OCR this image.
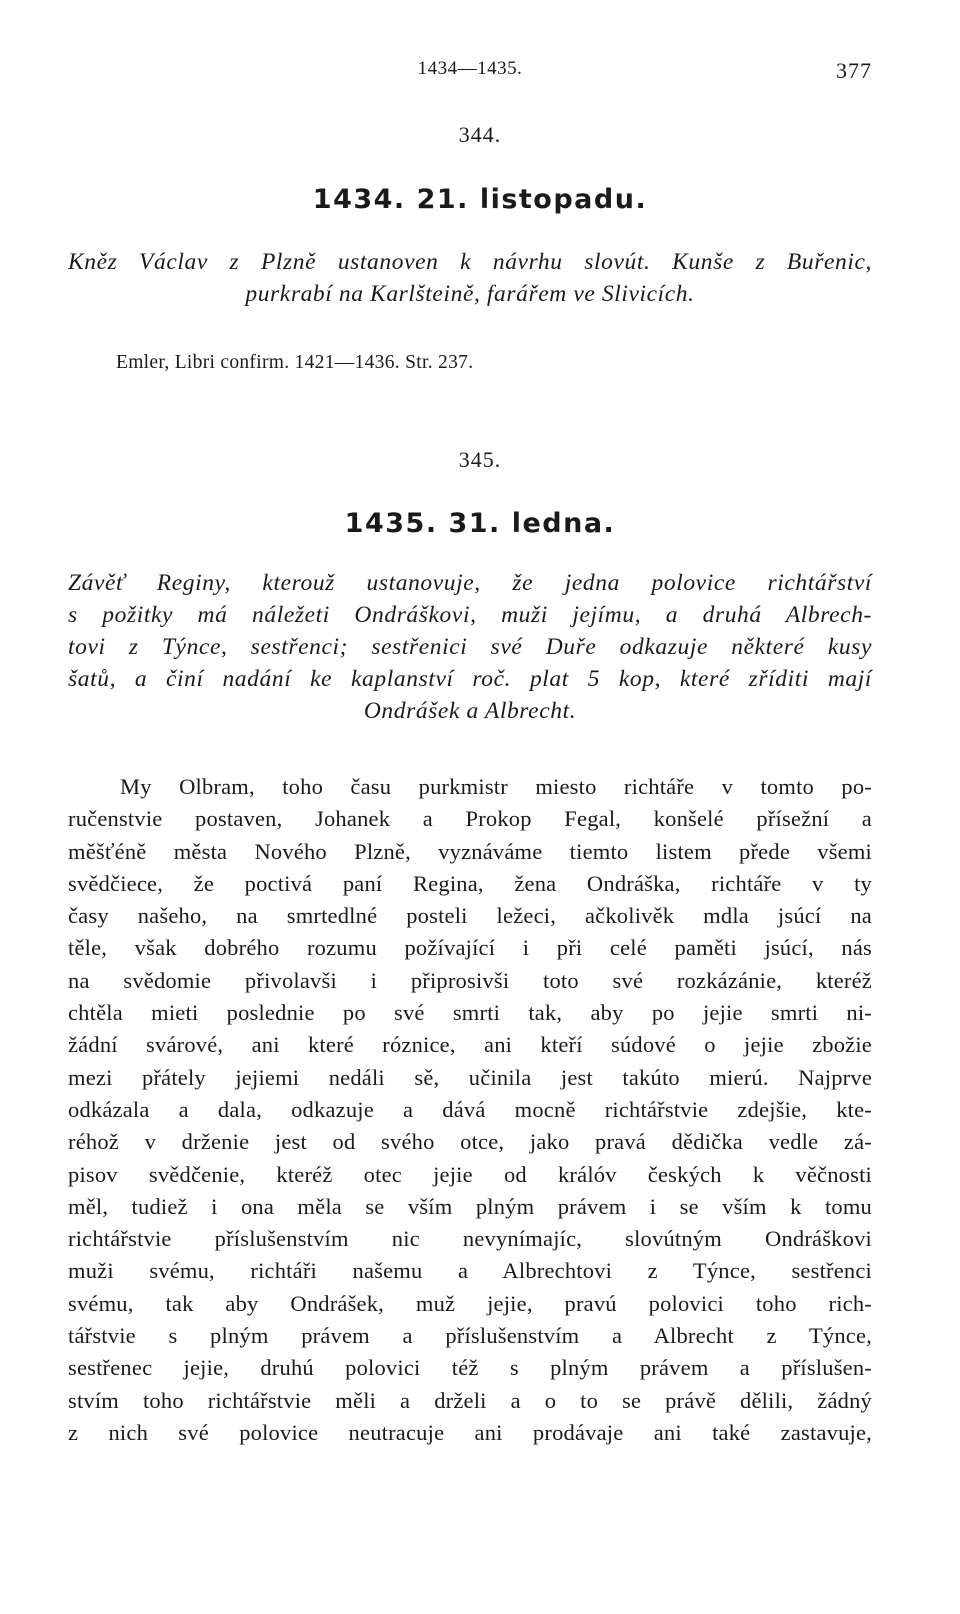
1434—1435.	377
344.
1434. 21. listopadu.
Kněz Václav z Plzně ustanoven k návrhu slovút. Kunše z Buřenic,
purkrabí na Karlšteině, farářem ve Slivicích.
Emler, Libri confirm. 1421—1436. Str. 237.
345.
1435. 31. ledna.
Závěť Reginy, kterouž ustanovuje, že jedna polovice richtářství
s požitky má náležeti Ondráškovi, muži jejímu, a druhá Albrech-
tovi z Týnce, sestřenci; sestřenici své Duře odkazuje některé kusy
šatů, a činí nadání ke kaplanství roč. plat 5 kop, které zříditi mají
Ondrášek a Albrecht.
My Olbram, toho času purkmistr miesto richtáře v tomto po-
ručenstvie postaven, Johanek a Prokop Fegal, konšelé přísežní a
měšťéně města Nového Plzně, vyznáváme tiemto listem přede všemi
svědčiece, že poctivá paní Regina, žena Ondráška, richtáře v ty
časy našeho, na smrtedlné posteli ležeci, ačkolivěk mdla jsúcí na
těle, však dobrého rozumu požívající i při celé paměti jsúcí, nás
na svědomie přivolavši i připrosivši toto své rozkázánie, kteréž
chtěla mieti poslednie po své smrti tak, aby po jejie smrti ni-
žádní svárové, ani které róznice, ani kteří súdové o jejie zbožie
mezi přátely jejiemi nedáli sě, učinila jest takúto mierú. Najprve
odkázala a dala, odkazuje a dává mocně richtářstvie zdejšie, kte-
réhož v drženie jest od svého otce, jako pravá dědička vedle zá-
pisov svědčenie, kteréž otec jejie od králóv českých k věčnosti
měl, tudiež i ona měla se vším plným právem i se vším k tomu
richtářstvie příslušenstvím nic nevynímajíc, slovútným Ondráškovi
muži svému, richtáři našemu a Albrechtovi z Týnce, sestřenci
svému, tak aby Ondrášek, muž jejie, pravú polovici toho rich-
tářstvie s plným právem a příslušenstvím a Albrecht z Týnce,
sestřenec jejie, druhú polovici též s plným právem a příslušen-
stvím toho richtářstvie měli a drželi a o to se právě dělili, žádný
z nich své polovice neutracuje ani prodávaje ani také zastavuje,
